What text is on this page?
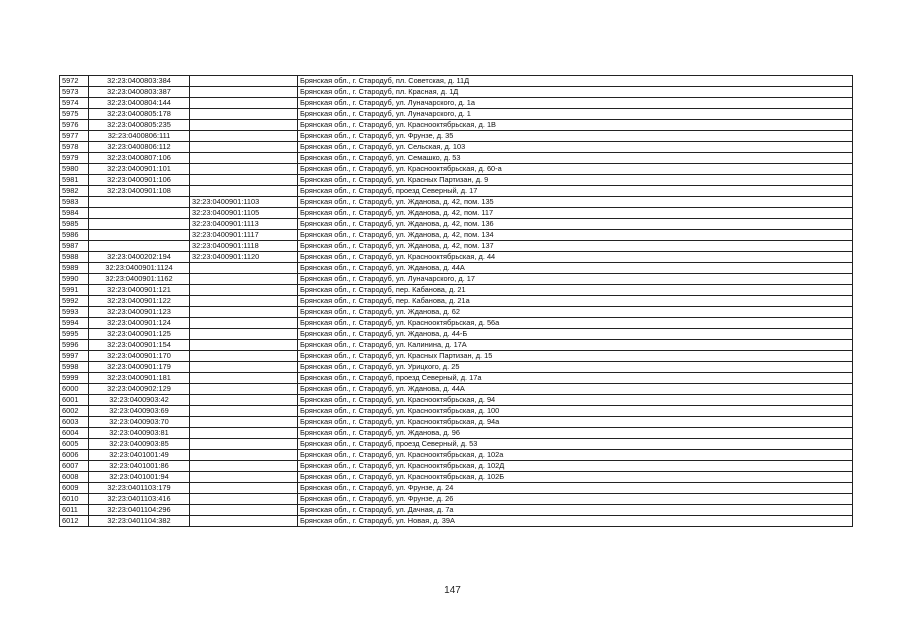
5972	32:23:0400803:384		Брянская обл., г. Стародуб, пл. Советская, д. 11Д
5973	32:23:0400803:387		Брянская обл., г. Стародуб, пл. Красная, д. 1Д
5974	32:23:0400804:144		Брянская обл., г. Стародуб, ул. Луначарского, д. 1а
5975	32:23:0400805:178		Брянская обл., г. Стародуб, ул. Луначарского, д. 1
5976	32:23:0400805:235		Брянская обл., г. Стародуб, ул. Краснооктябрьская, д. 1В
5977	32:23:0400806:111		Брянская обл., г. Стародуб, ул. Фрунзе, д. 35
5978	32:23:0400806:112		Брянская обл., г. Стародуб, ул. Сельская, д. 103
5979	32:23:0400807:106		Брянская обл., г. Стародуб, ул. Семашко, д. 53
5980	32:23:0400901:101		Брянская обл., г. Стародуб, ул. Краснооктябрьская, д. 60-а
5981	32:23:0400901:106		Брянская обл., г. Стародуб, ул. Красных Партизан, д. 9
5982	32:23:0400901:108		Брянская обл., г. Стародуб, проезд Северный, д. 17
5983		32:23:0400901:1103	Брянская обл., г. Стародуб, ул. Жданова, д. 42, пом. 135
5984		32:23:0400901:1105	Брянская обл., г. Стародуб, ул. Жданова, д. 42, пом. 117
5985		32:23:0400901:1113	Брянская обл., г. Стародуб, ул. Жданова, д. 42, пом. 136
5986		32:23:0400901:1117	Брянская обл., г. Стародуб, ул. Жданова, д. 42, пом. 134
5987		32:23:0400901:1118	Брянская обл., г. Стародуб, ул. Жданова, д. 42, пом. 137
5988	32:23:0400202:194	32:23:0400901:1120	Брянская обл., г. Стародуб, ул. Краснооктябрьская, д. 44
5989	32:23:0400901:1124		Брянская обл., г. Стародуб, ул. Жданова, д. 44А
5990	32:23:0400901:1162		Брянская обл., г. Стародуб, ул. Луначарского, д. 17
5991	32:23:0400901:121		Брянская обл., г. Стародуб, пер. Кабанова, д. 21
5992	32:23:0400901:122		Брянская обл., г. Стародуб, пер. Кабанова, д. 21а
5993	32:23:0400901:123		Брянская обл., г. Стародуб, ул. Жданова, д. 62
5994	32:23:0400901:124		Брянская обл., г. Стародуб, ул. Краснооктябрьская, д. 56а
5995	32:23:0400901:125		Брянская обл., г. Стародуб, ул. Жданова, д. 44-Б
5996	32:23:0400901:154		Брянская обл., г. Стародуб, ул. Калинина, д. 17А
5997	32:23:0400901:170		Брянская обл., г. Стародуб, ул. Красных Партизан, д. 15
5998	32:23:0400901:179		Брянская обл., г. Стародуб, ул. Урицкого, д. 25
5999	32:23:0400901:181		Брянская обл., г. Стародуб, проезд Северный, д. 17а
6000	32:23:0400902:129		Брянская обл., г. Стародуб, ул. Жданова, д. 44А
6001	32:23:0400903:42		Брянская обл., г. Стародуб, ул. Краснооктябрьская, д. 94
6002	32:23:0400903:69		Брянская обл., г. Стародуб, ул. Краснооктябрьская, д. 100
6003	32:23:0400903:70		Брянская обл., г. Стародуб, ул. Краснооктябрьская, д. 94а
6004	32:23:0400903:81		Брянская обл., г. Стародуб, ул. Жданова, д. 96
6005	32:23:0400903:85		Брянская обл., г. Стародуб, проезд Северный, д. 53
6006	32:23:0401001:49		Брянская обл., г. Стародуб, ул. Краснооктябрьская, д. 102а
6007	32:23:0401001:86		Брянская обл., г. Стародуб, ул. Краснооктябрьская, д. 102Д
6008	32:23:0401001:94		Брянская обл., г. Стародуб, ул. Краснооктябрьская, д. 102Б
6009	32:23:0401103:179		Брянская обл., г. Стародуб, ул. Фрунзе, д. 24
6010	32:23:0401103:416		Брянская обл., г. Стародуб, ул. Фрунзе, д. 26
6011	32:23:0401104:296		Брянская обл., г. Стародуб, ул. Дачная, д. 7а
6012	32:23:0401104:382		Брянская обл., г. Стародуб, ул. Новая, д. 39А
147
